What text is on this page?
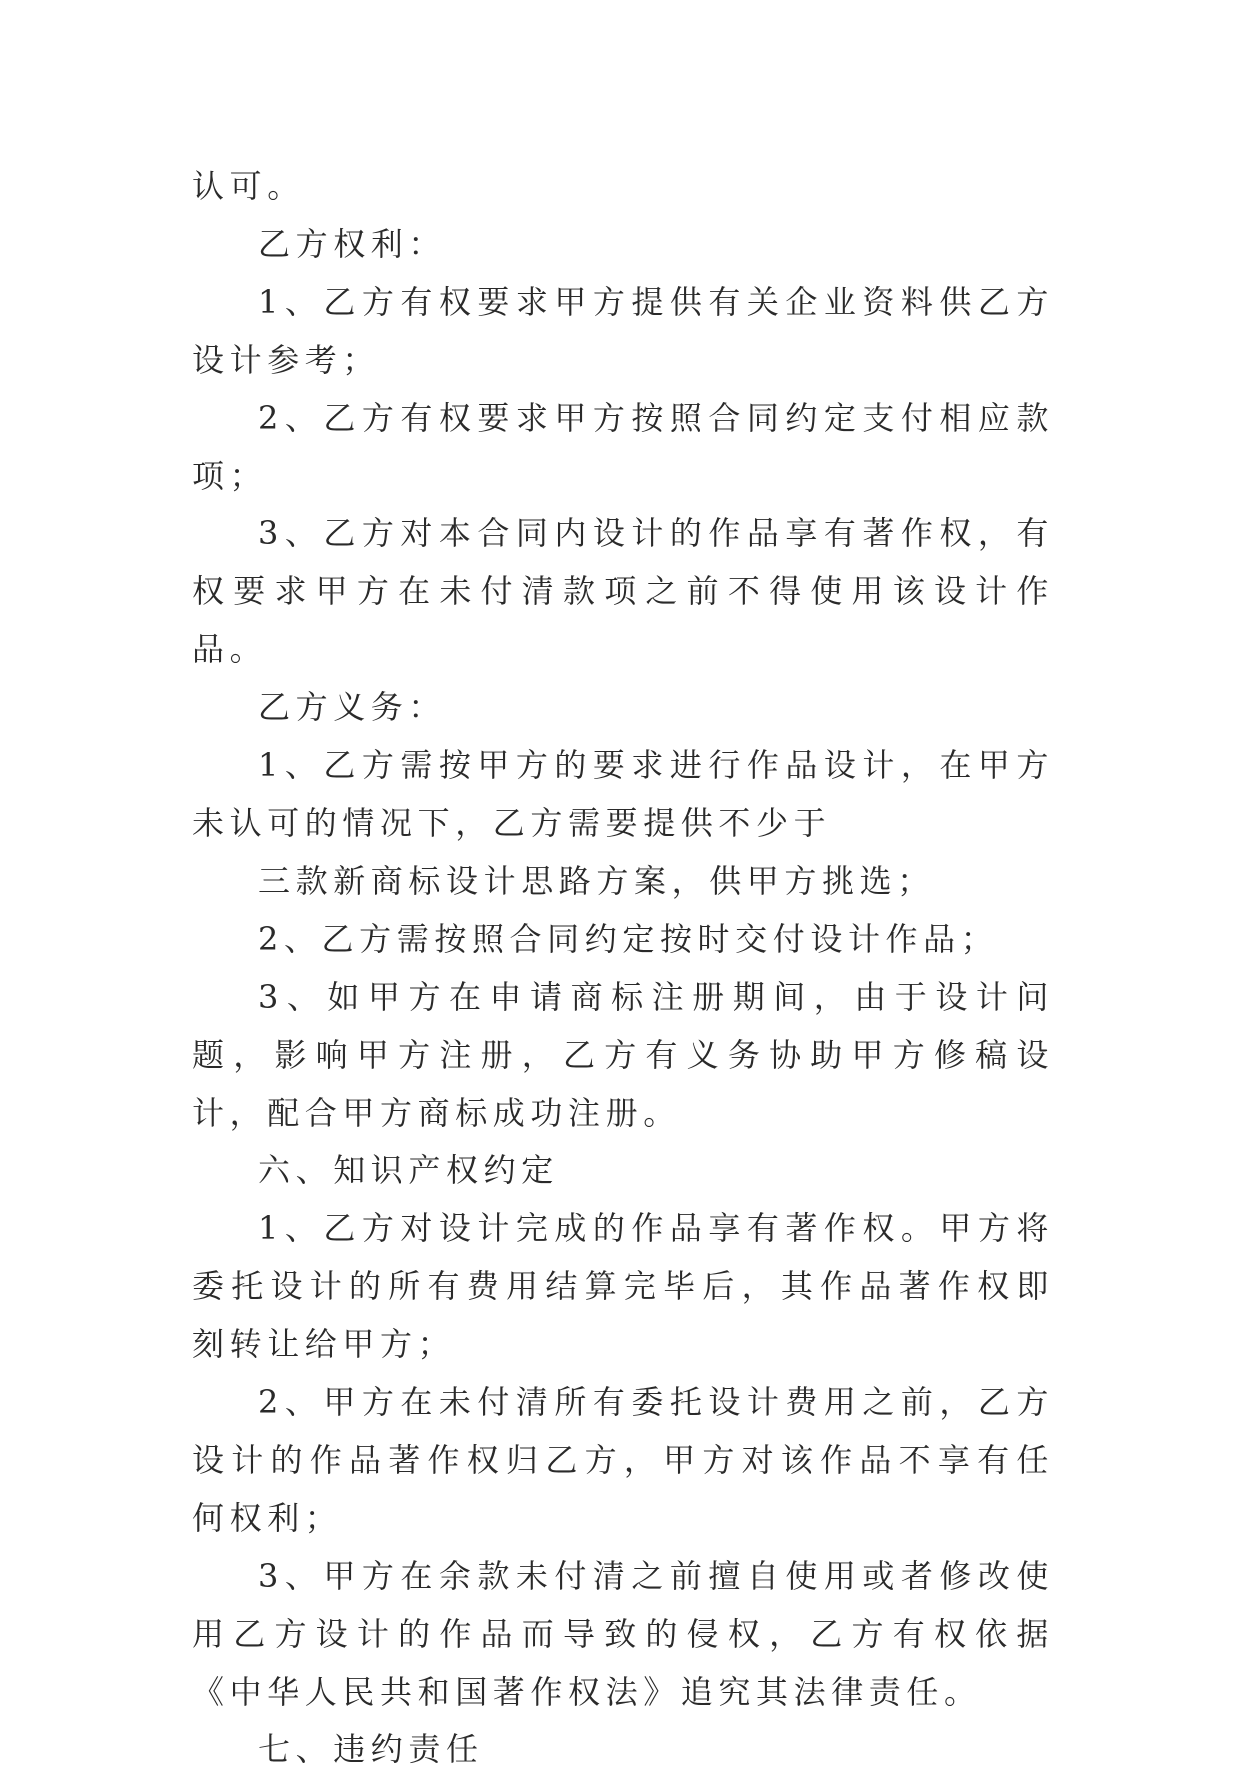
认可。

乙方权利：

1、乙方有权要求甲方提供有关企业资料供乙方设计参考；

2、乙方有权要求甲方按照合同约定支付相应款项；

3、乙方对本合同内设计的作品享有著作权，有权要求甲方在未付清款项之前不得使用该设计作品。

乙方义务：

1、乙方需按甲方的要求进行作品设计，在甲方未认可的情况下，乙方需要提供不少于

三款新商标设计思路方案，供甲方挑选；

2、乙方需按照合同约定按时交付设计作品；

3、如甲方在申请商标注册期间，由于设计问题，影响甲方注册，乙方有义务协助甲方修稿设计，配合甲方商标成功注册。

六、知识产权约定

1、乙方对设计完成的作品享有著作权。甲方将委托设计的所有费用结算完毕后，其作品著作权即刻转让给甲方；

2、甲方在未付清所有委托设计费用之前，乙方设计的作品著作权归乙方，甲方对该作品不享有任何权利；

3、甲方在余款未付清之前擅自使用或者修改使用乙方设计的作品而导致的侵权，乙方有权依据《中华人民共和国著作权法》追究其法律责任。

七、违约责任
